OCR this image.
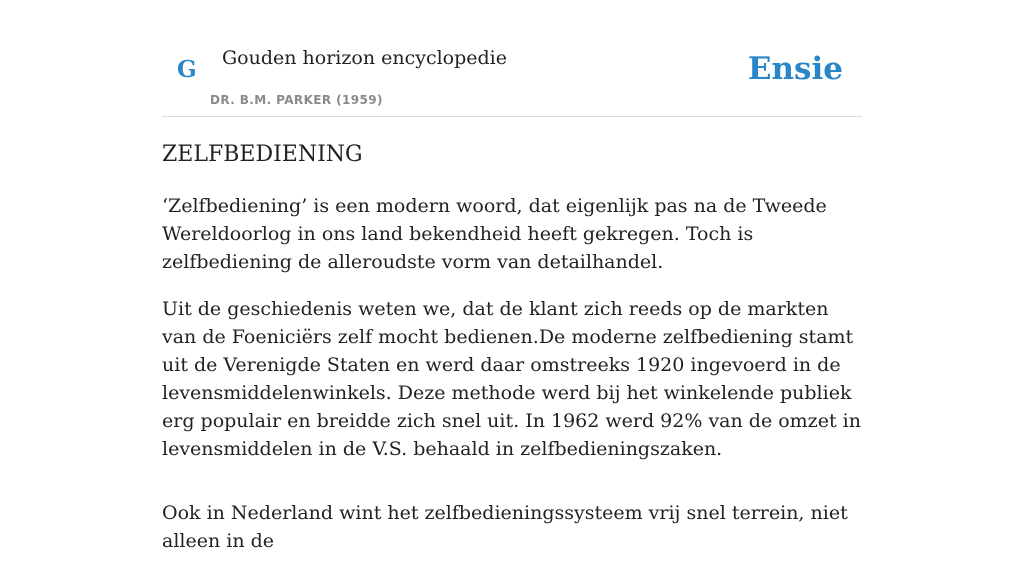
G Gouden horizon encyclopedie
DR. B.M. PARKER (1959)
Ensie
ZELFBEDIENING

‘Zelfbediening’ is een modern woord, dat eigenlijk pas na de Tweede Wereldoorlog in ons land bekendheid heeft gekregen. Toch is zelfbediening de alleroudste vorm van detailhandel.

Uit de geschiedenis weten we, dat de klant zich reeds op de markten van de Foeniciërs zelf mocht bedienen.De moderne zelfbediening stamt uit de Verenigde Staten en werd daar omstreeks 1920 ingevoerd in de levensmiddelenwinkels. Deze methode werd bij het winkelende publiek erg populair en breidde zich snel uit. In 1962 werd 92% van de omzet in levensmiddelen in de V.S. behaald in zelfbedieningszaken.

Ook in Nederland wint het zelfbedieningssysteem vrij snel terrein, niet alleen in de
